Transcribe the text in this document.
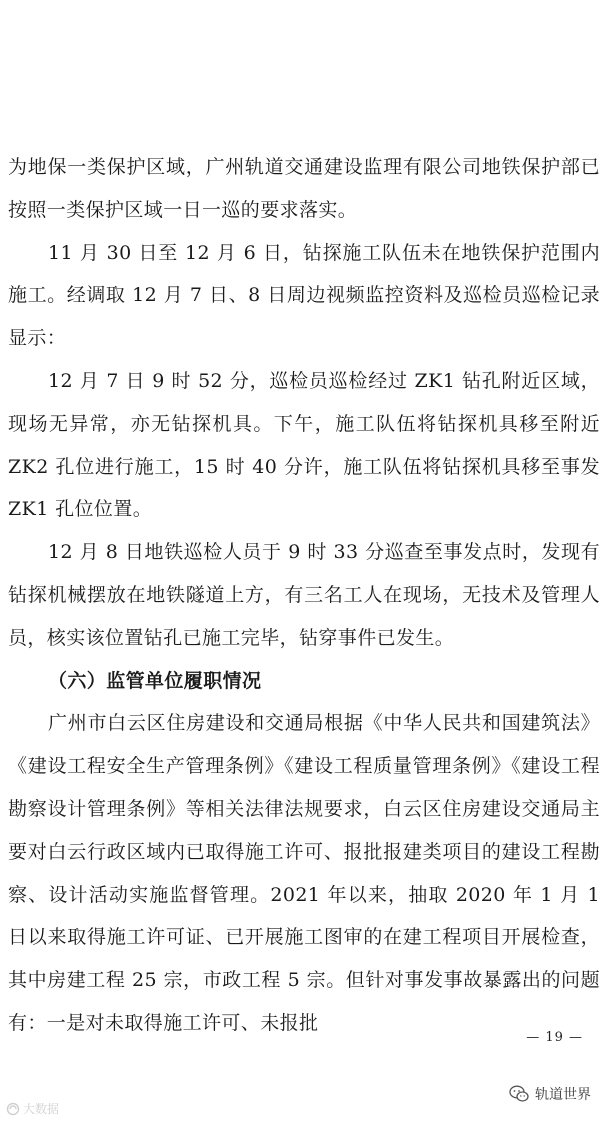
为地保一类保护区域，广州轨道交通建设监理有限公司地铁保护部已按照一类保护区域一日一巡的要求落实。

11 月 30 日至 12 月 6 日，钻探施工队伍未在地铁保护范围内施工。经调取 12 月 7 日、8 日周边视频监控资料及巡检员巡检记录显示：

12 月 7 日 9 时 52 分，巡检员巡检经过 ZK1 钻孔附近区域，现场无异常，亦无钻探机具。下午，施工队伍将钻探机具移至附近 ZK2 孔位进行施工，15 时 40 分许，施工队伍将钻探机具移至事发 ZK1 孔位位置。

12 月 8 日地铁巡检人员于 9 时 33 分巡查至事发点时，发现有钻探机械摆放在地铁隧道上方，有三名工人在现场，无技术及管理人员，核实该位置钻孔已施工完毕，钻穿事件已发生。

（六）监管单位履职情况

广州市白云区住房建设和交通局根据《中华人民共和国建筑法》《建设工程安全生产管理条例》《建设工程质量管理条例》《建设工程勘察设计管理条例》等相关法律法规要求，白云区住房建设交通局主要对白云行政区域内已取得施工许可、报批报建类项目的建设工程勘察、设计活动实施监督管理。2021 年以来，抽取 2020 年 1 月 1 日以来取得施工许可证、已开展施工图审的在建工程项目开展检查，其中房建工程 25 宗，市政工程 5 宗。但针对事发事故暴露出的问题有：一是对未取得施工许可、未报批

— 19 —
大数据
轨道世界
